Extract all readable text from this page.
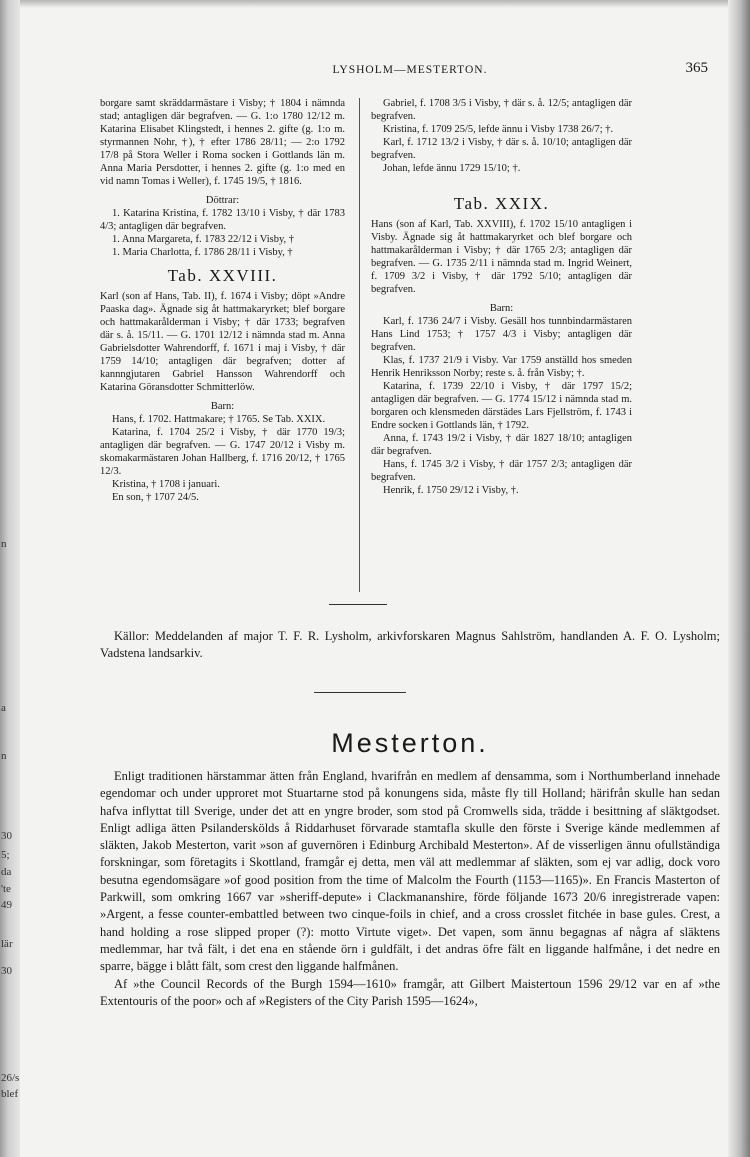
n
a
n
30
5;
da
'te
49
lär
30
26/s
blef
LYSHOLM—MESTERTON.	365

borgare samt skräddarmästare i Visby; † 1804 i nämnda stad; antagligen där begrafven. — G. 1:o 1780 12/12 m. Katarina Elisabet Klingstedt, i hennes 2. gifte (g. 1:o m. styrmannen Nohr, †), † efter 1786 28/11; — 2:o 1792 17/8 på Stora Weller i Roma socken i Gottlands län m. Anna Maria Persdotter, i hennes 2. gifte (g. 1:o med en vid namn Tomas i Weller), f. 1745 19/5, † 1816.

Döttrar:

1. Katarina Kristina, f. 1782 13/10 i Visby, † där 1783 4/3; antagligen där begrafven.

1. Anna Margareta, f. 1783 22/12 i Visby, †

1. Maria Charlotta, f. 1786 28/11 i Visby, †

Tab. XXVIII.

Karl (son af Hans, Tab. II), f. 1674 i Visby; döpt »Andre Paaska dag». Ägnade sig åt hattmakaryrket; blef borgare och hattmakarålderman i Visby; † där 1733; begrafven där s. å. 15/11. — G. 1701 12/12 i nämnda stad m. Anna Gabrielsdotter Wahrendorff, f. 1671 i maj i Visby, † där 1759 14/10; antagligen där begrafven; dotter af kannngjutaren Gabriel Hansson Wahrendorff och Katarina Göransdotter Schmitterlöw.

Barn:

Hans, f. 1702. Hattmakare; † 1765. Se Tab. XXIX.

Katarina, f. 1704 25/2 i Visby, † där 1770 19/3; antagligen där begrafven. — G. 1747 20/12 i Visby m. skomakarmästaren Johan Hallberg, f. 1716 20/12, † 1765 12/3.

Kristina, † 1708 i januari.

En son, † 1707 24/5.

Gabriel, f. 1708 3/5 i Visby, † där s. å. 12/5; antagligen där begrafven.

Kristina, f. 1709 25/5, lefde ännu i Visby 1738 26/7; †.

Karl, f. 1712 13/2 i Visby, † där s. å. 10/10; antagligen där begrafven.

Johan, lefde ännu 1729 15/10; †.

Tab. XXIX.

Hans (son af Karl, Tab. XXVIII), f. 1702 15/10 antagligen i Visby. Ägnade sig åt hattmakaryrket och blef borgare och hattmakarålderman i Visby; † där 1765 2/3; antagligen där begrafven. — G. 1735 2/11 i nämnda stad m. Ingrid Weinert, f. 1709 3/2 i Visby, † där 1792 5/10; antagligen där begrafven.

Barn:

Karl, f. 1736 24/7 i Visby. Gesäll hos tunnbindarmästaren Hans Lind 1753; † 1757 4/3 i Visby; antagligen där begrafven.

Klas, f. 1737 21/9 i Visby. Var 1759 anställd hos smeden Henrik Henriksson Norby; reste s. å. från Visby; †.

Katarina, f. 1739 22/10 i Visby, † där 1797 15/2; antagligen där begrafven. — G. 1774 15/12 i nämnda stad m. borgaren och klensmeden därstädes Lars Fjellström, f. 1743 i Endre socken i Gottlands län, † 1792.

Anna, f. 1743 19/2 i Visby, † där 1827 18/10; antagligen där begrafven.

Hans, f. 1745 3/2 i Visby, † där 1757 2/3; antagligen där begrafven.

Henrik, f. 1750 29/12 i Visby, †.

Källor: Meddelanden af major T. F. R. Lysholm, arkivforskaren Magnus Sahlström, handlanden A. F. O. Lysholm; Vadstena landsarkiv.
Mesterton.

Enligt traditionen härstammar ätten från England, hvarifrån en medlem af densamma, som i Northumberland innehade egendomar och under upproret mot Stuartarne stod på konungens sida, måste fly till Holland; härifrån skulle han sedan hafva inflyttat till Sverige, under det att en yngre broder, som stod på Cromwells sida, trädde i besittning af släktgodset. Enligt adliga ätten Psilanderskölds å Riddarhuset förvarade stamtafla skulle den förste i Sverige kände medlemmen af släkten, Jakob Mesterton, varit »son af guvernören i Edinburg Archibald Mesterton». Af de visserligen ännu ofullständiga forskningar, som företagits i Skottland, framgår ej detta, men väl att medlemmar af släkten, som ej var adlig, dock voro besutna egendomsägare »of good position from the time of Malcolm the Fourth (1153—1165)». En Francis Masterton of Parkwill, som omkring 1667 var »sheriff-depute» i Clackmananshire, förde följande 1673 20/6 inregistrerade vapen: »Argent, a fesse counter-embattled between two cinque-foils in chief, and a cross crosslet fitchée in base gules. Crest, a hand holding a rose slipped proper (?): motto Virtute viget». Det vapen, som ännu begagnas af några af släktens medlemmar, har två fält, i det ena en stående örn i guldfält, i det andras öfre fält en liggande halfmåne, i det nedre en sparre, bägge i blått fält, som crest den liggande halfmånen.

Af »the Council Records of the Burgh 1594—1610» framgår, att Gilbert Maistertoun 1596 29/12 var en af »the Extentouris of the poor» och af »Registers of the City Parish 1595—1624»,
